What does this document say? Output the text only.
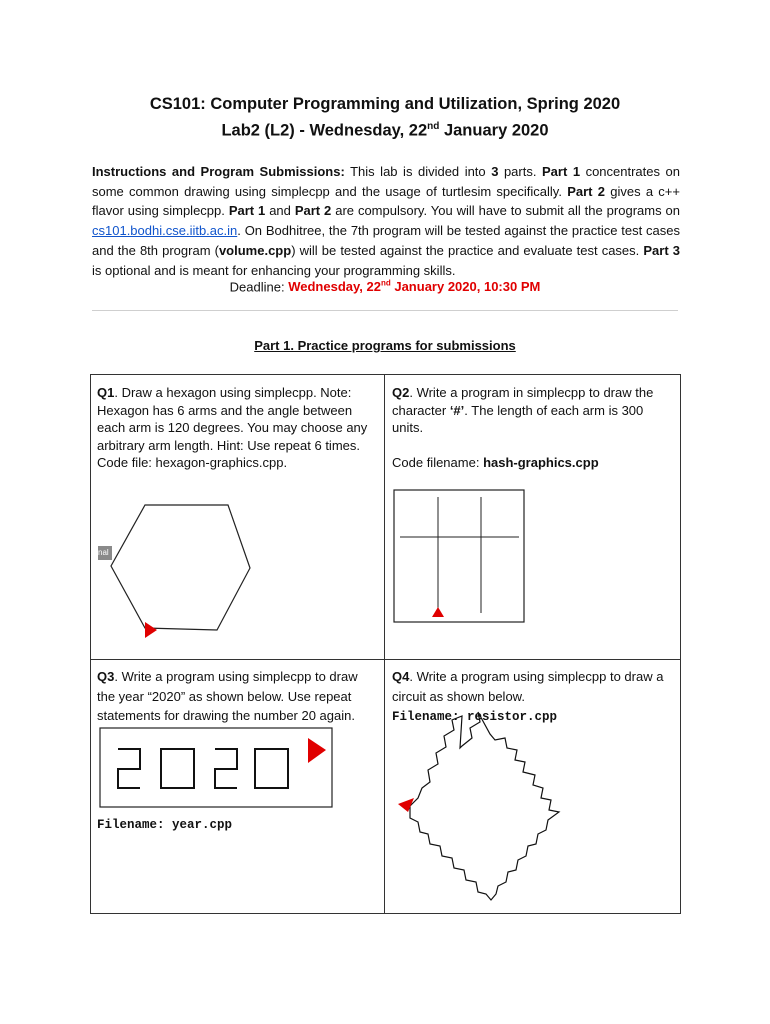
CS101: Computer Programming and Utilization, Spring 2020
Lab2 (L2) - Wednesday, 22nd January 2020
Instructions and Program Submissions: This lab is divided into 3 parts. Part 1 concentrates on some common drawing using simplecpp and the usage of turtlesim specifically. Part 2 gives a c++ flavor using simplecpp. Part 1 and Part 2 are compulsory. You will have to submit all the programs on cs101.bodhi.cse.iitb.ac.in. On Bodhitree, the 7th program will be tested against the practice test cases and the 8th program (volume.cpp) will be tested against the practice and evaluate test cases. Part 3 is optional and is meant for enhancing your programming skills.
Deadline: Wednesday, 22nd January 2020, 10:30 PM
Part 1. Practice programs for submissions
Q1. Draw a hexagon using simplecpp. Note: Hexagon has 6 arms and the angle between each arm is 120 degrees. You may choose any arbitrary arm length. Hint: Use repeat 6 times.
Code file: hexagon-graphics.cpp.
nal
Q2. Write a program in simplecpp to draw the character ‘#’. The length of each arm is 300 units.

Code filename: hash-graphics.cpp
Q3. Write a program using simplecpp to draw the year “2020” as shown below. Use repeat statements for drawing the number 20 again.
Filename: year.cpp
Q4. Write a program using simplecpp to draw a circuit as shown below.
Filename: resistor.cpp
